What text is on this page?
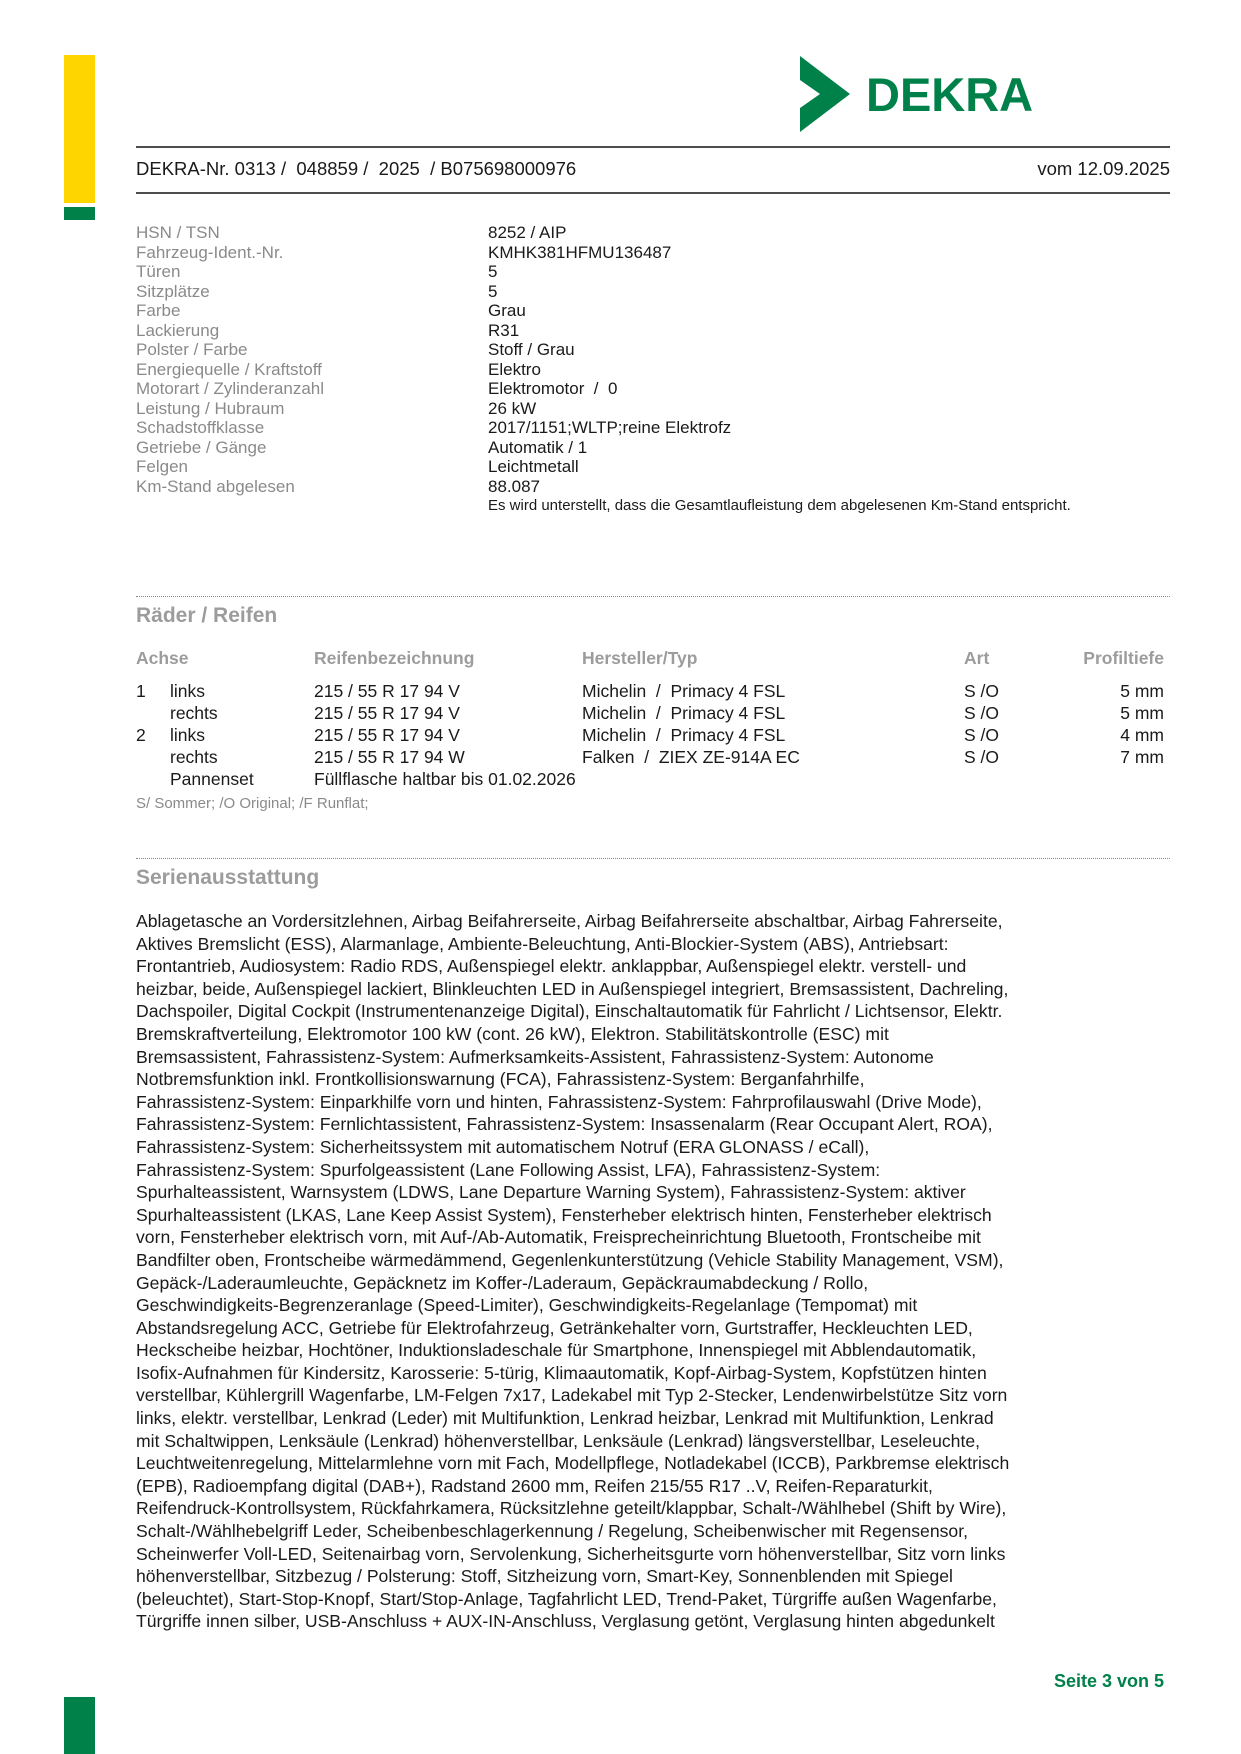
DEKRA
DEKRA-Nr. 0313 /  048859 /  2025  / B075698000976	vom 12.09.2025
HSN / TSN	8252 / AIP
Fahrzeug-Ident.-Nr.	KMHK381HFMU136487
Türen	5
Sitzplätze	5
Farbe	Grau
Lackierung	R31
Polster / Farbe	Stoff / Grau
Energiequelle / Kraftstoff	Elektro
Motorart / Zylinderanzahl	Elektromotor  /  0
Leistung / Hubraum	26 kW
Schadstoffklasse	2017/1151;WLTP;reine Elektrofz
Getriebe / Gänge	Automatik / 1
Felgen	Leichtmetall
Km-Stand abgelesen	88.087
Es wird unterstellt, dass die Gesamtlaufleistung dem abgelesenen Km-Stand entspricht.
Räder / Reifen
Achse	Reifenbezeichnung	Hersteller/Typ	Art	Profiltiefe
1	links	215 / 55 R 17 94 V	Michelin  /  Primacy 4 FSL	S /O	5 mm
rechts	215 / 55 R 17 94 V	Michelin  /  Primacy 4 FSL	S /O	5 mm
2	links	215 / 55 R 17 94 V	Michelin  /  Primacy 4 FSL	S /O	4 mm
rechts	215 / 55 R 17 94 W	Falken  /  ZIEX ZE-914A EC	S /O	7 mm
Pannenset	Füllflasche haltbar bis 01.02.2026
S/ Sommer; /O Original; /F Runflat;
Serienausstattung
Ablagetasche an Vordersitzlehnen, Airbag Beifahrerseite, Airbag Beifahrerseite abschaltbar, Airbag Fahrerseite,
Aktives Bremslicht (ESS), Alarmanlage, Ambiente-Beleuchtung, Anti-Blockier-System (ABS), Antriebsart:
Frontantrieb, Audiosystem: Radio RDS, Außenspiegel elektr. anklappbar, Außenspiegel elektr. verstell- und
heizbar, beide, Außenspiegel lackiert, Blinkleuchten LED in Außenspiegel integriert, Bremsassistent, Dachreling,
Dachspoiler, Digital Cockpit (Instrumentenanzeige Digital), Einschaltautomatik für Fahrlicht / Lichtsensor, Elektr.
Bremskraftverteilung, Elektromotor 100 kW (cont. 26 kW), Elektron. Stabilitätskontrolle (ESC) mit
Bremsassistent, Fahrassistenz-System: Aufmerksamkeits-Assistent, Fahrassistenz-System: Autonome
Notbremsfunktion inkl. Frontkollisionswarnung (FCA), Fahrassistenz-System: Berganfahrhilfe,
Fahrassistenz-System: Einparkhilfe vorn und hinten, Fahrassistenz-System: Fahrprofilauswahl (Drive Mode),
Fahrassistenz-System: Fernlichtassistent, Fahrassistenz-System: Insassenalarm (Rear Occupant Alert, ROA),
Fahrassistenz-System: Sicherheitssystem mit automatischem Notruf (ERA GLONASS / eCall),
Fahrassistenz-System: Spurfolgeassistent (Lane Following Assist, LFA), Fahrassistenz-System:
Spurhalteassistent, Warnsystem (LDWS, Lane Departure Warning System), Fahrassistenz-System: aktiver
Spurhalteassistent (LKAS, Lane Keep Assist System), Fensterheber elektrisch hinten, Fensterheber elektrisch
vorn, Fensterheber elektrisch vorn, mit Auf-/Ab-Automatik, Freisprecheinrichtung Bluetooth, Frontscheibe mit
Bandfilter oben, Frontscheibe wärmedämmend, Gegenlenkunterstützung (Vehicle Stability Management, VSM),
Gepäck-/Laderaumleuchte, Gepäcknetz im Koffer-/Laderaum, Gepäckraumabdeckung / Rollo,
Geschwindigkeits-Begrenzeranlage (Speed-Limiter), Geschwindigkeits-Regelanlage (Tempomat) mit
Abstandsregelung ACC, Getriebe für Elektrofahrzeug, Getränkehalter vorn, Gurtstraffer, Heckleuchten LED,
Heckscheibe heizbar, Hochtöner, Induktionsladeschale für Smartphone, Innenspiegel mit Abblendautomatik,
Isofix-Aufnahmen für Kindersitz, Karosserie: 5-türig, Klimaautomatik, Kopf-Airbag-System, Kopfstützen hinten
verstellbar, Kühlergrill Wagenfarbe, LM-Felgen 7x17, Ladekabel mit Typ 2-Stecker, Lendenwirbelstütze Sitz vorn
links, elektr. verstellbar, Lenkrad (Leder) mit Multifunktion, Lenkrad heizbar, Lenkrad mit Multifunktion, Lenkrad
mit Schaltwippen, Lenksäule (Lenkrad) höhenverstellbar, Lenksäule (Lenkrad) längsverstellbar, Leseleuchte,
Leuchtweitenregelung, Mittelarmlehne vorn mit Fach, Modellpflege, Notladekabel (ICCB), Parkbremse elektrisch
(EPB), Radioempfang digital (DAB+), Radstand 2600 mm, Reifen 215/55 R17 ..V, Reifen-Reparaturkit,
Reifendruck-Kontrollsystem, Rückfahrkamera, Rücksitzlehne geteilt/klappbar, Schalt-/Wählhebel (Shift by Wire),
Schalt-/Wählhebelgriff Leder, Scheibenbeschlagerkennung / Regelung, Scheibenwischer mit Regensensor,
Scheinwerfer Voll-LED, Seitenairbag vorn, Servolenkung, Sicherheitsgurte vorn höhenverstellbar, Sitz vorn links
höhenverstellbar, Sitzbezug / Polsterung: Stoff, Sitzheizung vorn, Smart-Key, Sonnenblenden mit Spiegel
(beleuchtet), Start-Stop-Knopf, Start/Stop-Anlage, Tagfahrlicht LED, Trend-Paket, Türgriffe außen Wagenfarbe,
Türgriffe innen silber, USB-Anschluss + AUX-IN-Anschluss, Verglasung getönt, Verglasung hinten abgedunkelt
Seite 3 von 5
